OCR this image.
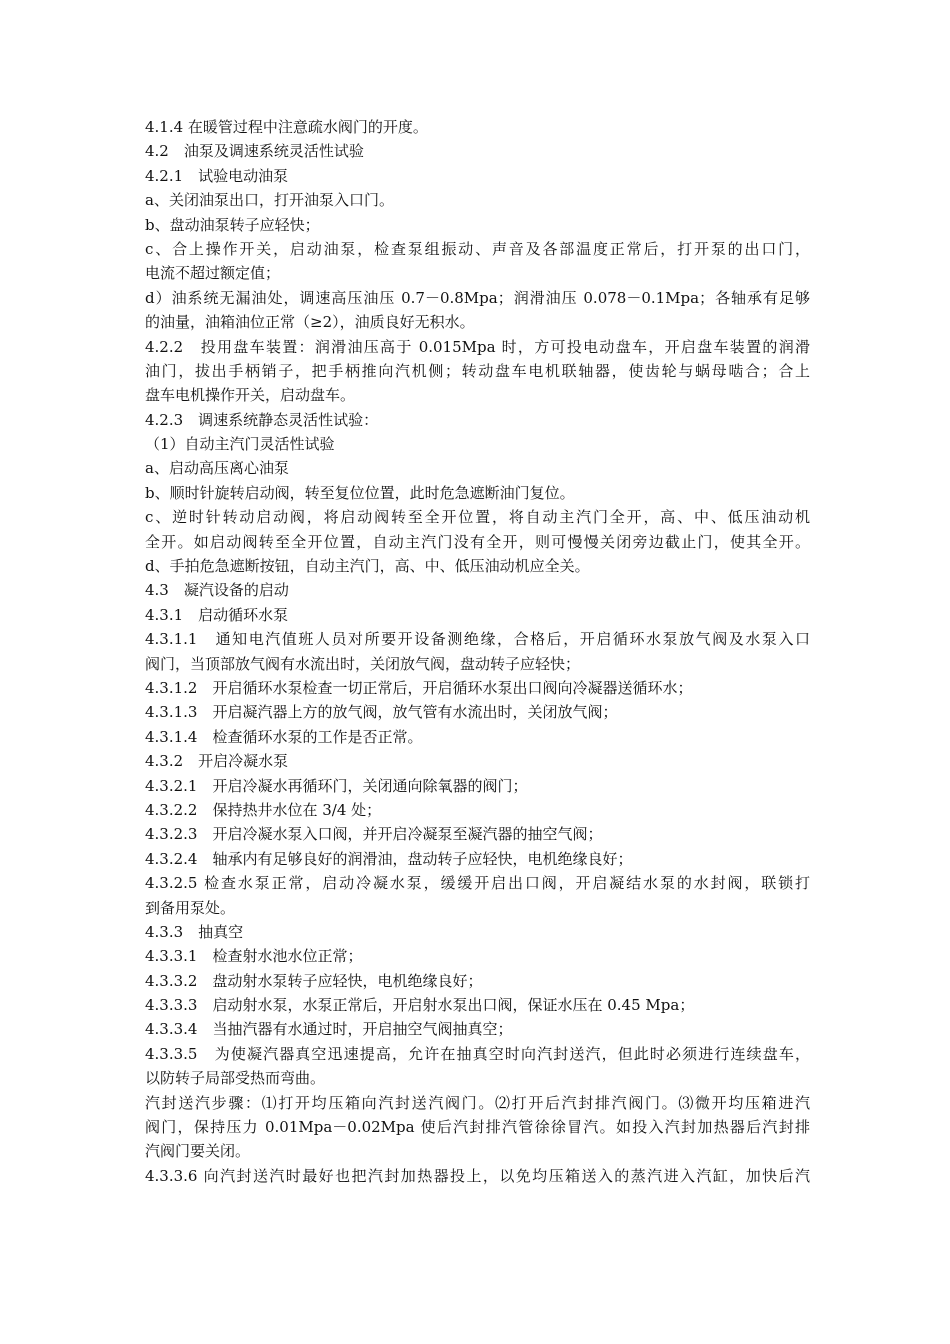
4.1.4 在暖管过程中注意疏水阀门的开度。
4.2　油泵及调速系统灵活性试验
4.2.1　试验电动油泵
a、关闭油泵出口，打开油泵入口门。
b、盘动油泵转子应轻快；
c、合上操作开关，启动油泵，检查泵组振动、声音及各部温度正常后，打开泵的出口门，
电流不超过额定值；
d）油系统无漏油处，调速高压油压 0.7－0.8Mpa；润滑油压 0.078－0.1Mpa；各轴承有足够
的油量，油箱油位正常（≥2），油质良好无积水。
4.2.2　投用盘车装置：润滑油压高于 0.015Mpa 时，方可投电动盘车，开启盘车装置的润滑
油门，拔出手柄销子，把手柄推向汽机侧；转动盘车电机联轴器，使齿轮与蜗母啮合；合上
盘车电机操作开关，启动盘车。
4.2.3　调速系统静态灵活性试验：
（1）自动主汽门灵活性试验
a、启动高压离心油泵
b、顺时针旋转启动阀，转至复位位置，此时危急遮断油门复位。
c、逆时针转动启动阀，将启动阀转至全开位置，将自动主汽门全开，高、中、低压油动机
全开。如启动阀转至全开位置，自动主汽门没有全开，则可慢慢关闭旁边截止门，使其全开。
d、手拍危急遮断按钮，自动主汽门，高、中、低压油动机应全关。
4.3　凝汽设备的启动
4.3.1　启动循环水泵
4.3.1.1　通知电汽值班人员对所要开设备测绝缘，合格后，开启循环水泵放气阀及水泵入口
阀门，当顶部放气阀有水流出时，关闭放气阀，盘动转子应轻快；
4.3.1.2　开启循环水泵检查一切正常后，开启循环水泵出口阀向冷凝器送循环水；
4.3.1.3　开启凝汽器上方的放气阀，放气管有水流出时，关闭放气阀；
4.3.1.4　检查循环水泵的工作是否正常。
4.3.2　开启冷凝水泵
4.3.2.1　开启冷凝水再循环门，关闭通向除氧器的阀门；
4.3.2.2　保持热井水位在 3/4 处；
4.3.2.3　开启冷凝水泵入口阀，并开启冷凝泵至凝汽器的抽空气阀；
4.3.2.4　轴承内有足够良好的润滑油，盘动转子应轻快，电机绝缘良好；
4.3.2.5 检查水泵正常，启动冷凝水泵，缓缓开启出口阀，开启凝结水泵的水封阀，联锁打
到备用泵处。
4.3.3　抽真空
4.3.3.1　检查射水池水位正常；
4.3.3.2　盘动射水泵转子应轻快，电机绝缘良好；
4.3.3.3　启动射水泵，水泵正常后，开启射水泵出口阀，保证水压在 0.45 Mpa；
4.3.3.4　当抽汽器有水通过时，开启抽空气阀抽真空；
4.3.3.5　为使凝汽器真空迅速提高，允许在抽真空时向汽封送汽，但此时必须进行连续盘车，
以防转子局部受热而弯曲。
汽封送汽步骤：⑴打开均压箱向汽封送汽阀门。⑵打开后汽封排汽阀门。⑶微开均压箱进汽
阀门，保持压力 0.01Mpa－0.02Mpa 使后汽封排汽管徐徐冒汽。如投入汽封加热器后汽封排
汽阀门要关闭。
4.3.3.6 向汽封送汽时最好也把汽封加热器投上，以免均压箱送入的蒸汽进入汽缸，加快后汽
